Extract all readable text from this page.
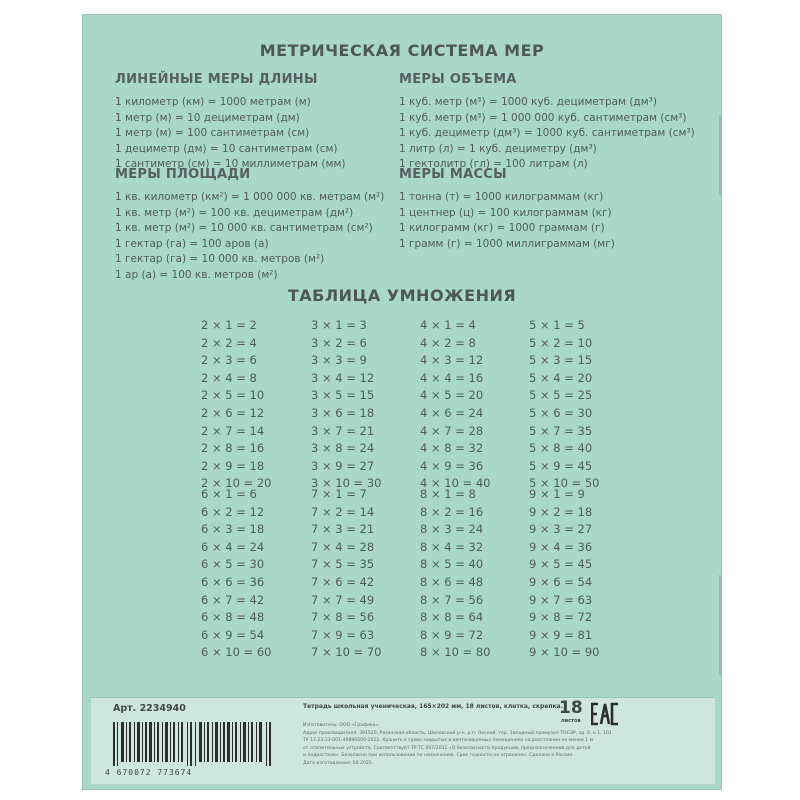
МЕТРИЧЕСКАЯ СИСТЕМА МЕР
ЛИНЕЙНЫЕ МЕРЫ ДЛИНЫ
1 километр (км) = 1000 метрам (м)
1 метр (м) = 10 дециметрам (дм)
1 метр (м) = 100 сантиметрам (см)
1 дециметр (дм) = 10 сантиметрам (см)
1 сантиметр (см) = 10 миллиметрам (мм)
МЕРЫ ОБЪЕМА
1 куб. метр (м³) = 1000 куб. дециметрам (дм³)
1 куб. метр (м³) = 1 000 000 куб. сантиметрам (см³)
1 куб. дециметр (дм³) = 1000 куб. сантиметрам (см³)
1 литр (л) = 1 куб. дециметру (дм³)
1 гектолитр (гл) = 100 литрам (л)
МЕРЫ ПЛОЩАДИ
1 кв. километр (км²) = 1 000 000 кв. метрам (м²)
1 кв. метр (м²) = 100 кв. дециметрам (дм²)
1 кв. метр (м²) = 10 000 кв. сантиметрам (см²)
1 гектар (га) = 100 аров (а)
1 гектар (га) = 10 000 кв. метров (м²)
1 ар (а) = 100 кв. метров (м²)
МЕРЫ МАССЫ
1 тонна (т) = 1000 килограммам (кг)
1 центнер (ц) = 100 килограммам (кг)
1 килограмм (кг) = 1000 граммам (г)
1 грамм (г) = 1000 миллиграммам (мг)
ТАБЛИЦА УМНОЖЕНИЯ
2 × 1 = 2
2 × 2 = 4
2 × 3 = 6
2 × 4 = 8
2 × 5 = 10
2 × 6 = 12
2 × 7 = 14
2 × 8 = 16
2 × 9 = 18
2 × 10 = 20
3 × 1 = 3
3 × 2 = 6
3 × 3 = 9
3 × 4 = 12
3 × 5 = 15
3 × 6 = 18
3 × 7 = 21
3 × 8 = 24
3 × 9 = 27
3 × 10 = 30
4 × 1 = 4
4 × 2 = 8
4 × 3 = 12
4 × 4 = 16
4 × 5 = 20
4 × 6 = 24
4 × 7 = 28
4 × 8 = 32
4 × 9 = 36
4 × 10 = 40
5 × 1 = 5
5 × 2 = 10
5 × 3 = 15
5 × 4 = 20
5 × 5 = 25
5 × 6 = 30
5 × 7 = 35
5 × 8 = 40
5 × 9 = 45
5 × 10 = 50
6 × 1 = 6
6 × 2 = 12
6 × 3 = 18
6 × 4 = 24
6 × 5 = 30
6 × 6 = 36
6 × 7 = 42
6 × 8 = 48
6 × 9 = 54
6 × 10 = 60
7 × 1 = 7
7 × 2 = 14
7 × 3 = 21
7 × 4 = 28
7 × 5 = 35
7 × 6 = 42
7 × 7 = 49
7 × 8 = 56
7 × 9 = 63
7 × 10 = 70
8 × 1 = 8
8 × 2 = 16
8 × 3 = 24
8 × 4 = 32
8 × 5 = 40
8 × 6 = 48
8 × 7 = 56
8 × 8 = 64
8 × 9 = 72
8 × 10 = 80
9 × 1 = 9
9 × 2 = 18
9 × 3 = 27
9 × 4 = 36
9 × 5 = 45
9 × 6 = 54
9 × 7 = 63
9 × 8 = 72
9 × 9 = 81
9 × 10 = 90
Арт. 2234940
4 670072 773674
Тетрадь школьная ученическая, 165×202 мм, 18 листов, клетка, скрепка.
Изготовитель: ООО «Графика».
Адрес производителя: 391520, Рязанская область, Шиловский р-н, р.п. Лесной, тер. Западный промузел ТОСЭР, зд. 6, к.1, 101.
ТУ 17.23.13-001-49890500-2022. Хранить в сухих закрытых и вентилируемых помещениях на расстоянии не менее 1 м
от отопительных устройств. Соответствует ТР ТС 007/2011 «О безопасности продукции, предназначенной для детей
и подростков». Безопасно при использовании по назначению. Срок годности не ограничен. Сделано в России.
Дата изготовления: 04.2025.
18
листов
